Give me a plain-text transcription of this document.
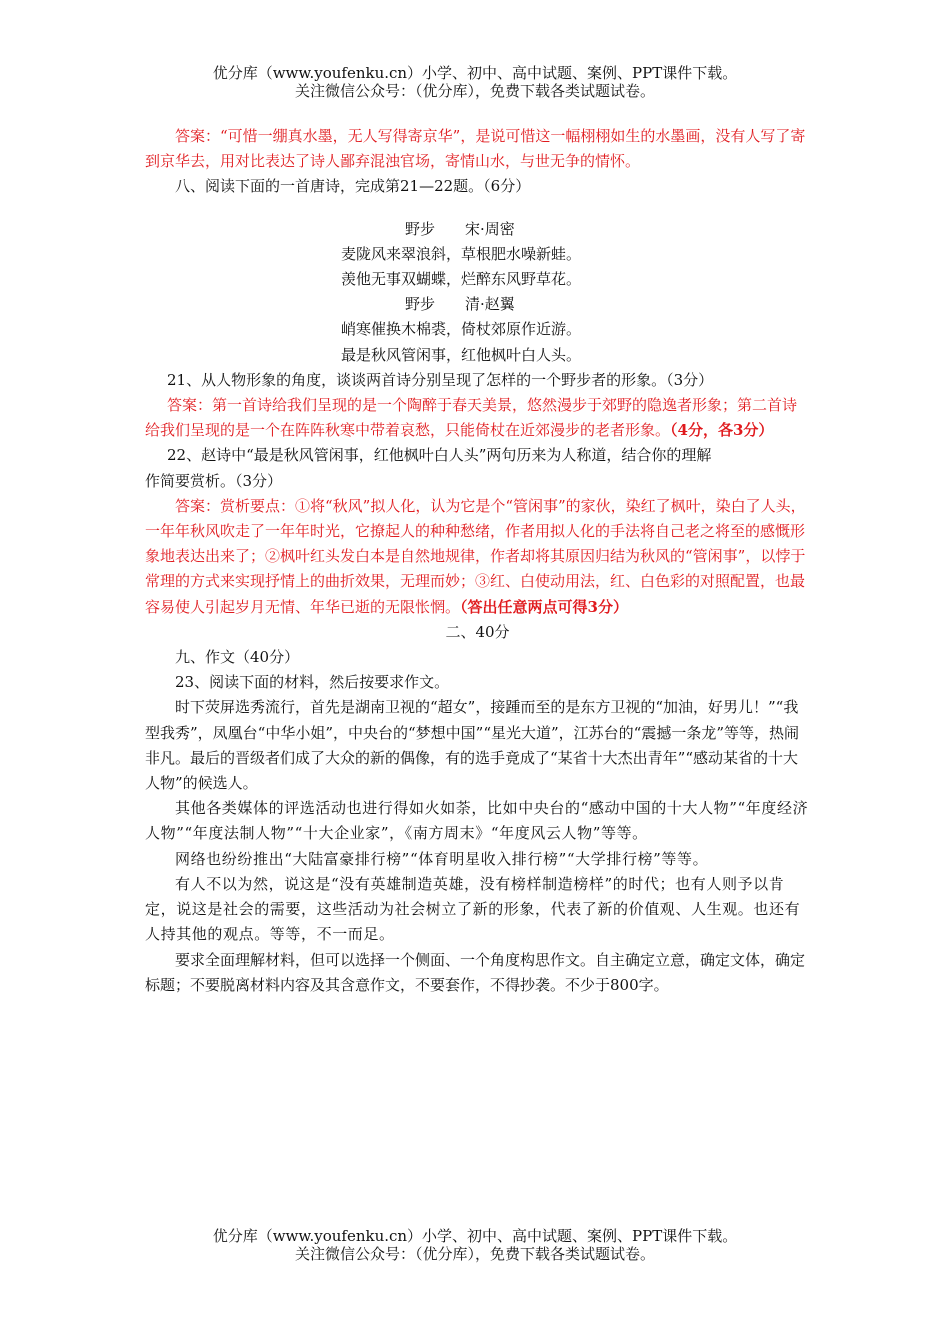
优分库（www.youfenku.cn）小学、初中、高中试题、案例、PPT课件下载。
关注微信公众号：（优分库），免费下载各类试题试卷。

答案：“可惜一绷真水墨，无人写得寄京华”，是说可惜这一幅栩栩如生的水墨画，没有人写了寄到京华去，用对比表达了诗人鄙弃混浊官场，寄情山水，与世无争的情怀。

八、阅读下面的一首唐诗，完成第21—22题。（6分）

野步　　宋·周密

麦陇风来翠浪斜，草根肥水噪新蛙。

羡他无事双蝴蝶，烂醉东风野草花。

野步　　清·赵翼

峭寒催换木棉裘，倚杖郊原作近游。

最是秋风管闲事，红他枫叶白人头。

21、从人物形象的角度，谈谈两首诗分别呈现了怎样的一个野步者的形象。（3分）

答案：第一首诗给我们呈现的是一个陶醉于春天美景，悠然漫步于郊野的隐逸者形象；第二首诗给我们呈现的是一个在阵阵秋寒中带着哀愁，只能倚杖在近郊漫步的老者形象。（4分，各3分）

22、赵诗中“最是秋风管闲事，红他枫叶白人头”两句历来为人称道，结合你的理解

作简要赏析。（3分）

答案：赏析要点：①将“秋风”拟人化，认为它是个“管闲事”的家伙，染红了枫叶，染白了人头，一年年秋风吹走了一年年时光，它撩起人的种种愁绪，作者用拟人化的手法将自己老之将至的感慨形象地表达出来了；②枫叶红头发白本是自然地规律，作者却将其原因归结为秋风的“管闲事”，以悖于常理的方式来实现抒情上的曲折效果，无理而妙；③红、白使动用法，红、白色彩的对照配置，也最容易使人引起岁月无情、年华已逝的无限怅惘。（答出任意两点可得3分）

二、40分

九、作文（40分）

23、阅读下面的材料，然后按要求作文。

时下荧屏选秀流行，首先是湖南卫视的“超女”，接踵而至的是东方卫视的“加油，好男儿！”“我型我秀”，凤凰台“中华小姐”，中央台的“梦想中国”“星光大道”，江苏台的“震撼一条龙”等等，热闹非凡。最后的晋级者们成了大众的新的偶像，有的选手竟成了“某省十大杰出青年”“感动某省的十大人物”的候选人。

其他各类媒体的评选活动也进行得如火如荼，比如中央台的“感动中国的十大人物”“年度经济人物”“年度法制人物”“十大企业家”，《南方周末》“年度风云人物”等等。

网络也纷纷推出“大陆富豪排行榜”“体育明星收入排行榜”“大学排行榜”等等。

有人不以为然，说这是“没有英雄制造英雄，没有榜样制造榜样”的时代；也有人则予以肯定，说这是社会的需要，这些活动为社会树立了新的形象，代表了新的价值观、人生观。也还有人持其他的观点。等等，不一而足。

要求全面理解材料，但可以选择一个侧面、一个角度构思作文。自主确定立意，确定文体，确定标题；不要脱离材料内容及其含意作文，不要套作，不得抄袭。不少于800字。

优分库（www.youfenku.cn）小学、初中、高中试题、案例、PPT课件下载。
关注微信公众号：（优分库），免费下载各类试题试卷。
